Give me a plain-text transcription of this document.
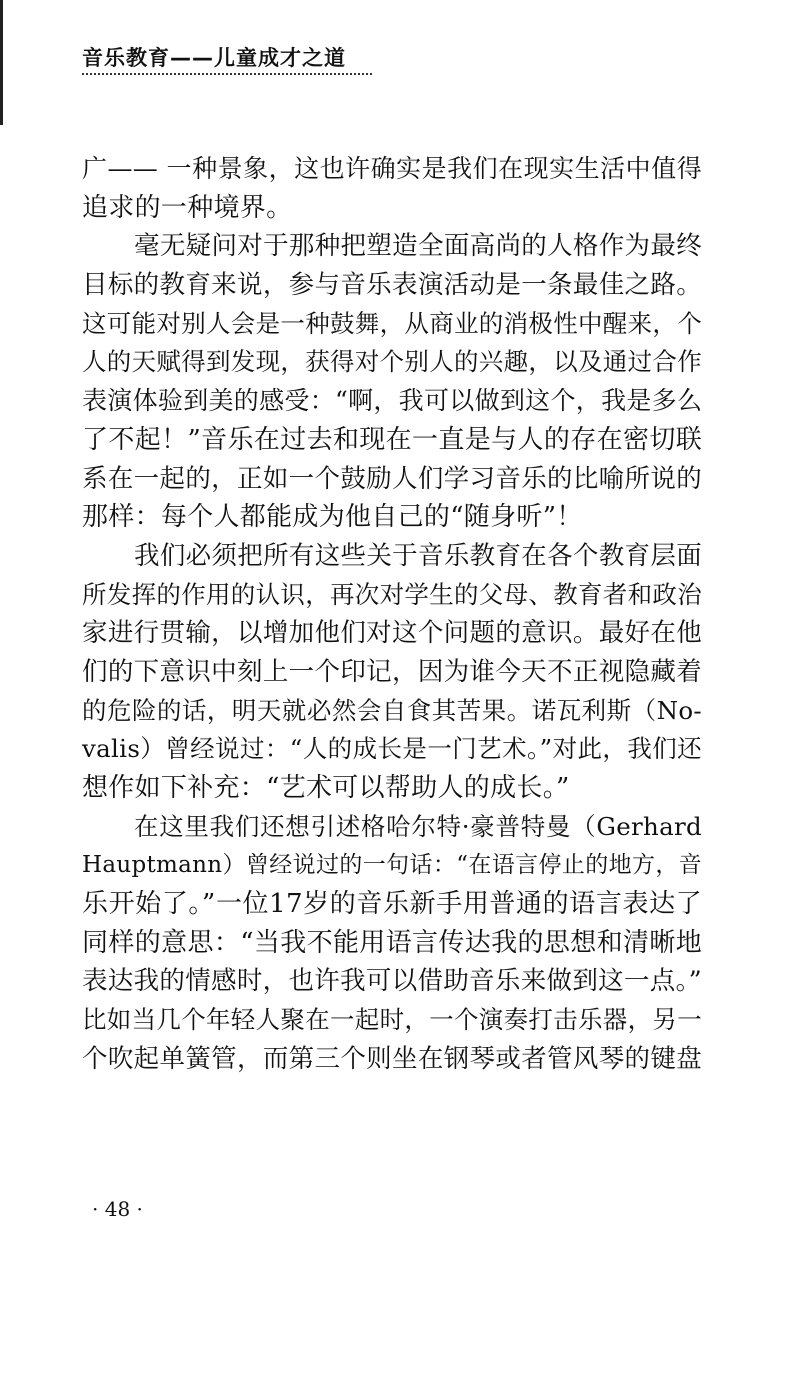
音乐教育——儿童成才之道
广—— 一种景象，这也许确实是我们在现实生活中值得
追求的一种境界。
毫无疑问对于那种把塑造全面高尚的人格作为最终
目标的教育来说，参与音乐表演活动是一条最佳之路。
这可能对别人会是一种鼓舞，从商业的消极性中醒来，个
人的天赋得到发现，获得对个别人的兴趣，以及通过合作
表演体验到美的感受：“啊，我可以做到这个，我是多么
了不起！”音乐在过去和现在一直是与人的存在密切联
系在一起的，正如一个鼓励人们学习音乐的比喻所说的
那样：每个人都能成为他自己的“随身听”！
我们必须把所有这些关于音乐教育在各个教育层面
所发挥的作用的认识，再次对学生的父母、教育者和政治
家进行贯输，以增加他们对这个问题的意识。最好在他
们的下意识中刻上一个印记，因为谁今天不正视隐藏着
的危险的话，明天就必然会自食其苦果。诺瓦利斯（No-
valis）曾经说过：“人的成长是一门艺术。”对此，我们还
想作如下补充：“艺术可以帮助人的成长。”
在这里我们还想引述格哈尔特·豪普特曼（Gerhard
Hauptmann）曾经说过的一句话：“在语言停止的地方，音
乐开始了。”一位17岁的音乐新手用普通的语言表达了
同样的意思：“当我不能用语言传达我的思想和清晰地
表达我的情感时，也许我可以借助音乐来做到这一点。”
比如当几个年轻人聚在一起时，一个演奏打击乐器，另一
个吹起单簧管，而第三个则坐在钢琴或者管风琴的键盘
· 48 ·
